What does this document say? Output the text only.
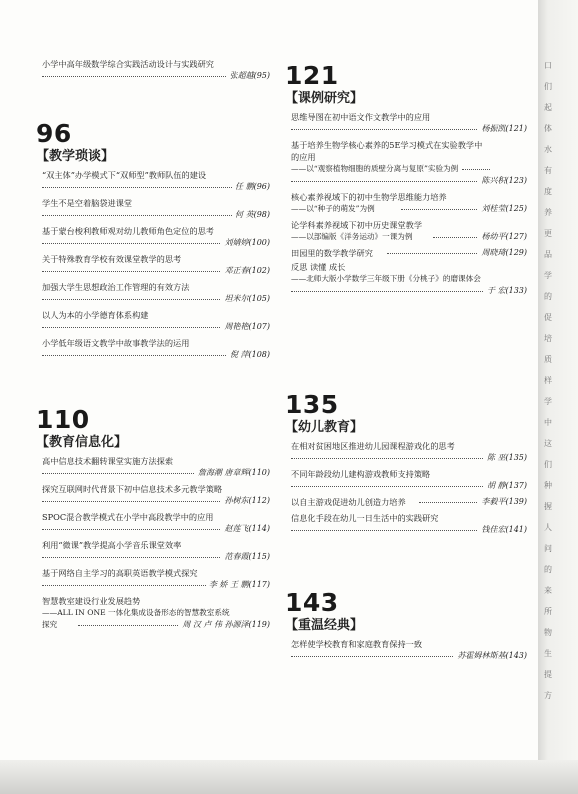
小学中高年级数学综合实践活动设计与实践研究
张超越(95)
96
【教学琐谈】
“双主体”办学模式下“双师型”教师队伍的建设
任 鹏(96)
学生不是空着脑袋进课堂
何 英(98)
基于蒙台梭利教师观对幼儿教师角色定位的思考
刘婧婷(100)
关于特殊教育学校有效课堂教学的思考
邓正春(102)
加强大学生思想政治工作管理的有效方法
坦米尔(105)
以人为本的小学德育体系构建
周艳艳(107)
小学低年级语文教学中故事教学法的运用
倪 萍(108)
110
【教育信息化】
高中信息技术翻转课堂实施方法探索
詹海潮 唐章辉(110)
探究互联网时代背景下初中信息技术多元教学策略
孙树东(112)
SPOC混合教学模式在小学中高段教学中的应用
赵莲飞(114)
利用“微课”教学提高小学音乐课堂效率
范春霞(115)
基于网络自主学习的高职英语教学模式探究
李 娇 王 鹏(117)
智慧教室建设行业发展趋势
——ALL IN ONE 一体化集成设备形态的智慧教室系统
探究	周 汉 卢 伟 孙源泽(119)
121
【课例研究】
思维导图在初中语文作文教学中的应用
杨振凯(121)
基于培养生物学核心素养的5E学习模式在实验教学中
的应用
——以“观察植物细胞的质壁分离与复原”实验为例
陈兴积(123)
核心素养视域下的初中生物学思维能力培养
——以“种子的萌发”为例	刘桂莹(125)
论学科素养视域下初中历史课堂教学
——以部编版《洋务运动》一课为例	杨幼平(127)
田园里的数学教学研究	周晓琦(129)
反思 读懂 成长
——北师大版小学数学三年级下册《分桃子》的磨课体会
于 宏(133)
135
【幼儿教育】
在相对贫困地区推进幼儿园课程游戏化的思考
陈 巫(135)
不同年龄段幼儿建构游戏教师支持策略
胡 静(137)
以自主游戏促进幼儿创造力培养	李毅平(139)
信息化手段在幼儿一日生活中的实践研究
钱佳宏(141)
143
【重温经典】
怎样使学校教育和家庭教育保持一致
苏霍姆林斯基(143)
口
们
起
体
水
有
度
养
更
品
学
的
促
培
质
样
学
中
这
们
种
握
人
问
的
来
所
物
生
提
方
